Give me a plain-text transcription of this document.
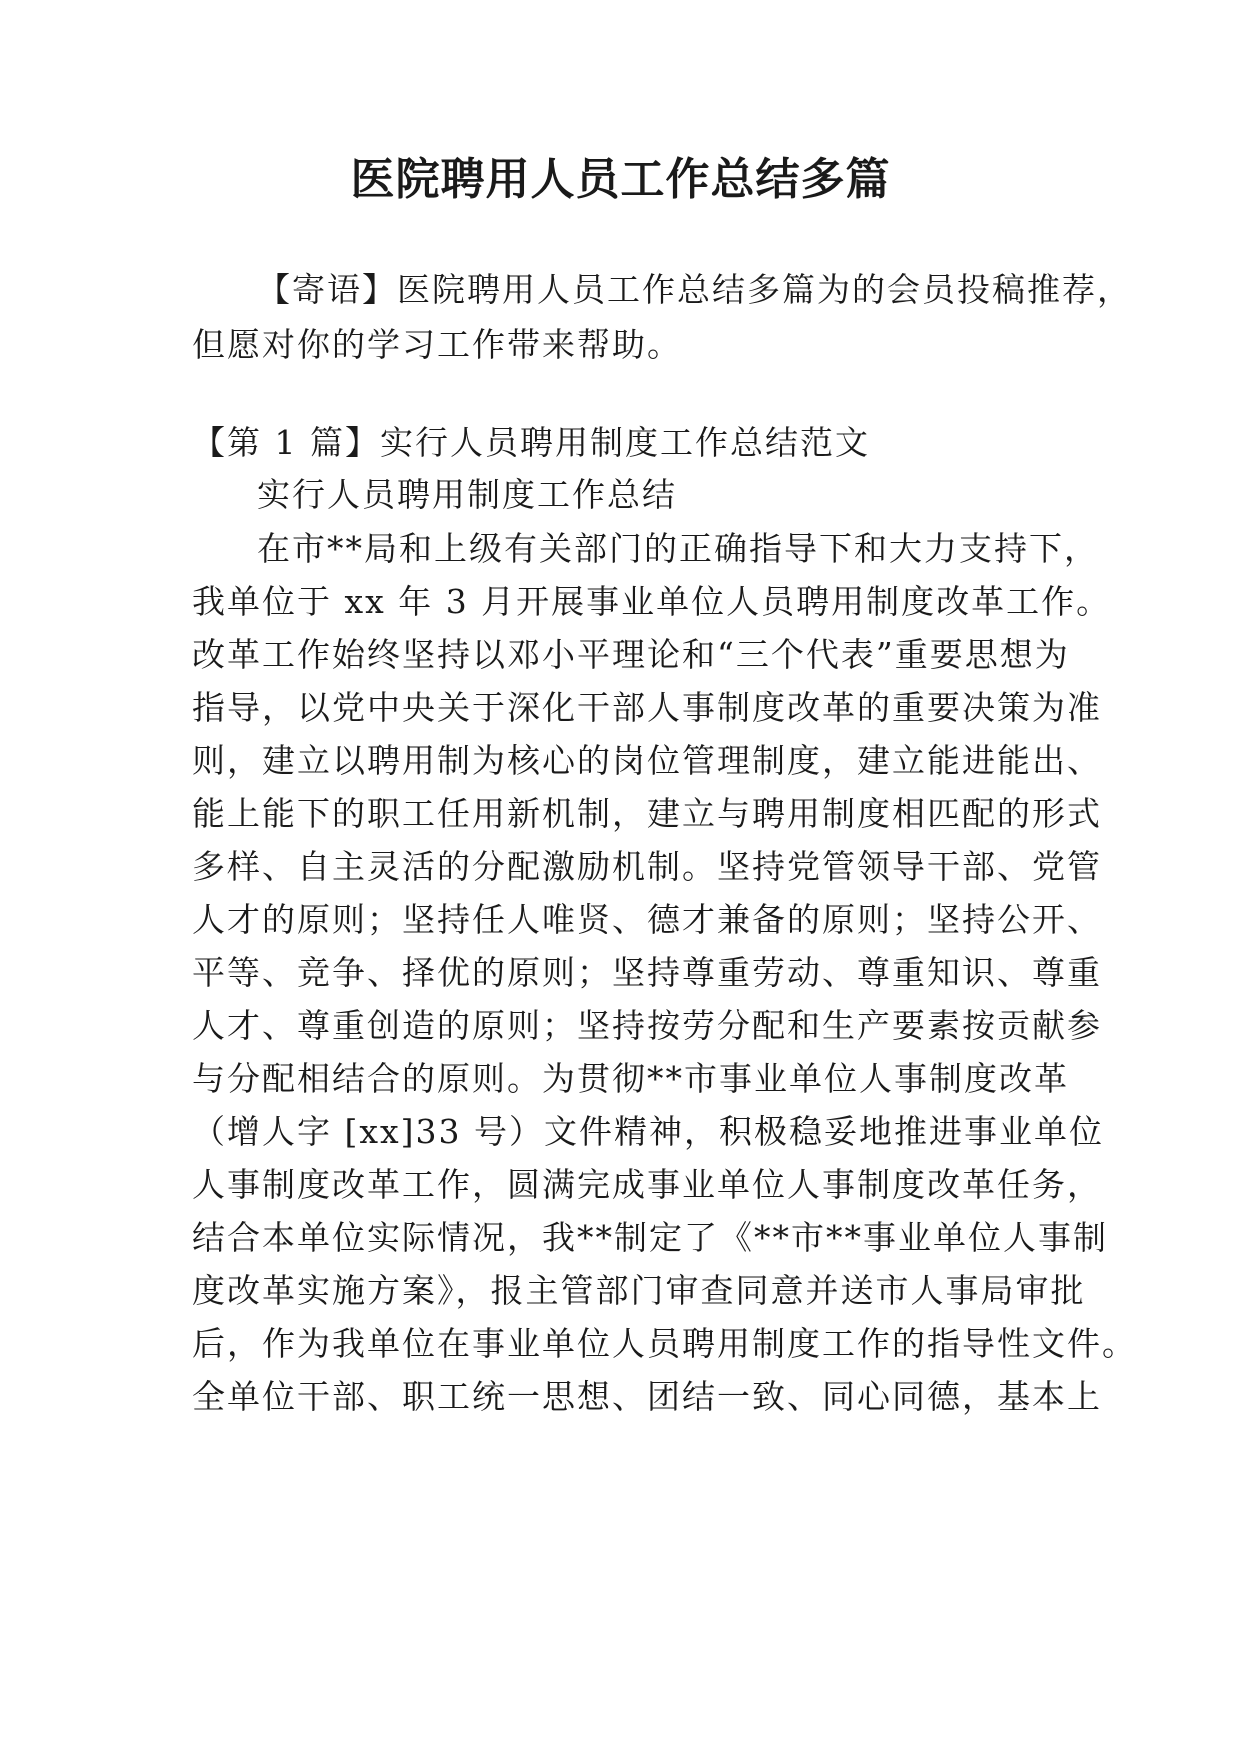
医院聘用人员工作总结多篇

【寄语】医院聘用人员工作总结多篇为的会员投稿推荐，

但愿对你的学习工作带来帮助。

【第 1 篇】实行人员聘用制度工作总结范文

实行人员聘用制度工作总结

在市**局和上级有关部门的正确指导下和大力支持下，

我单位于 xx 年 3 月开展事业单位人员聘用制度改革工作。

改革工作始终坚持以邓小平理论和“三个代表”重要思想为

指导，以党中央关于深化干部人事制度改革的重要决策为准

则，建立以聘用制为核心的岗位管理制度，建立能进能出、

能上能下的职工任用新机制，建立与聘用制度相匹配的形式

多样、自主灵活的分配激励机制。坚持党管领导干部、党管

人才的原则；坚持任人唯贤、德才兼备的原则；坚持公开、

平等、竞争、择优的原则；坚持尊重劳动、尊重知识、尊重

人才、尊重创造的原则；坚持按劳分配和生产要素按贡献参

与分配相结合的原则。为贯彻**市事业单位人事制度改革

（增人字 [xx]33 号）文件精神，积极稳妥地推进事业单位

人事制度改革工作，圆满完成事业单位人事制度改革任务，

结合本单位实际情况，我**制定了《**市**事业单位人事制

度改革实施方案》，报主管部门审查同意并送市人事局审批

后，作为我单位在事业单位人员聘用制度工作的指导性文件。

全单位干部、职工统一思想、团结一致、同心同德，基本上
